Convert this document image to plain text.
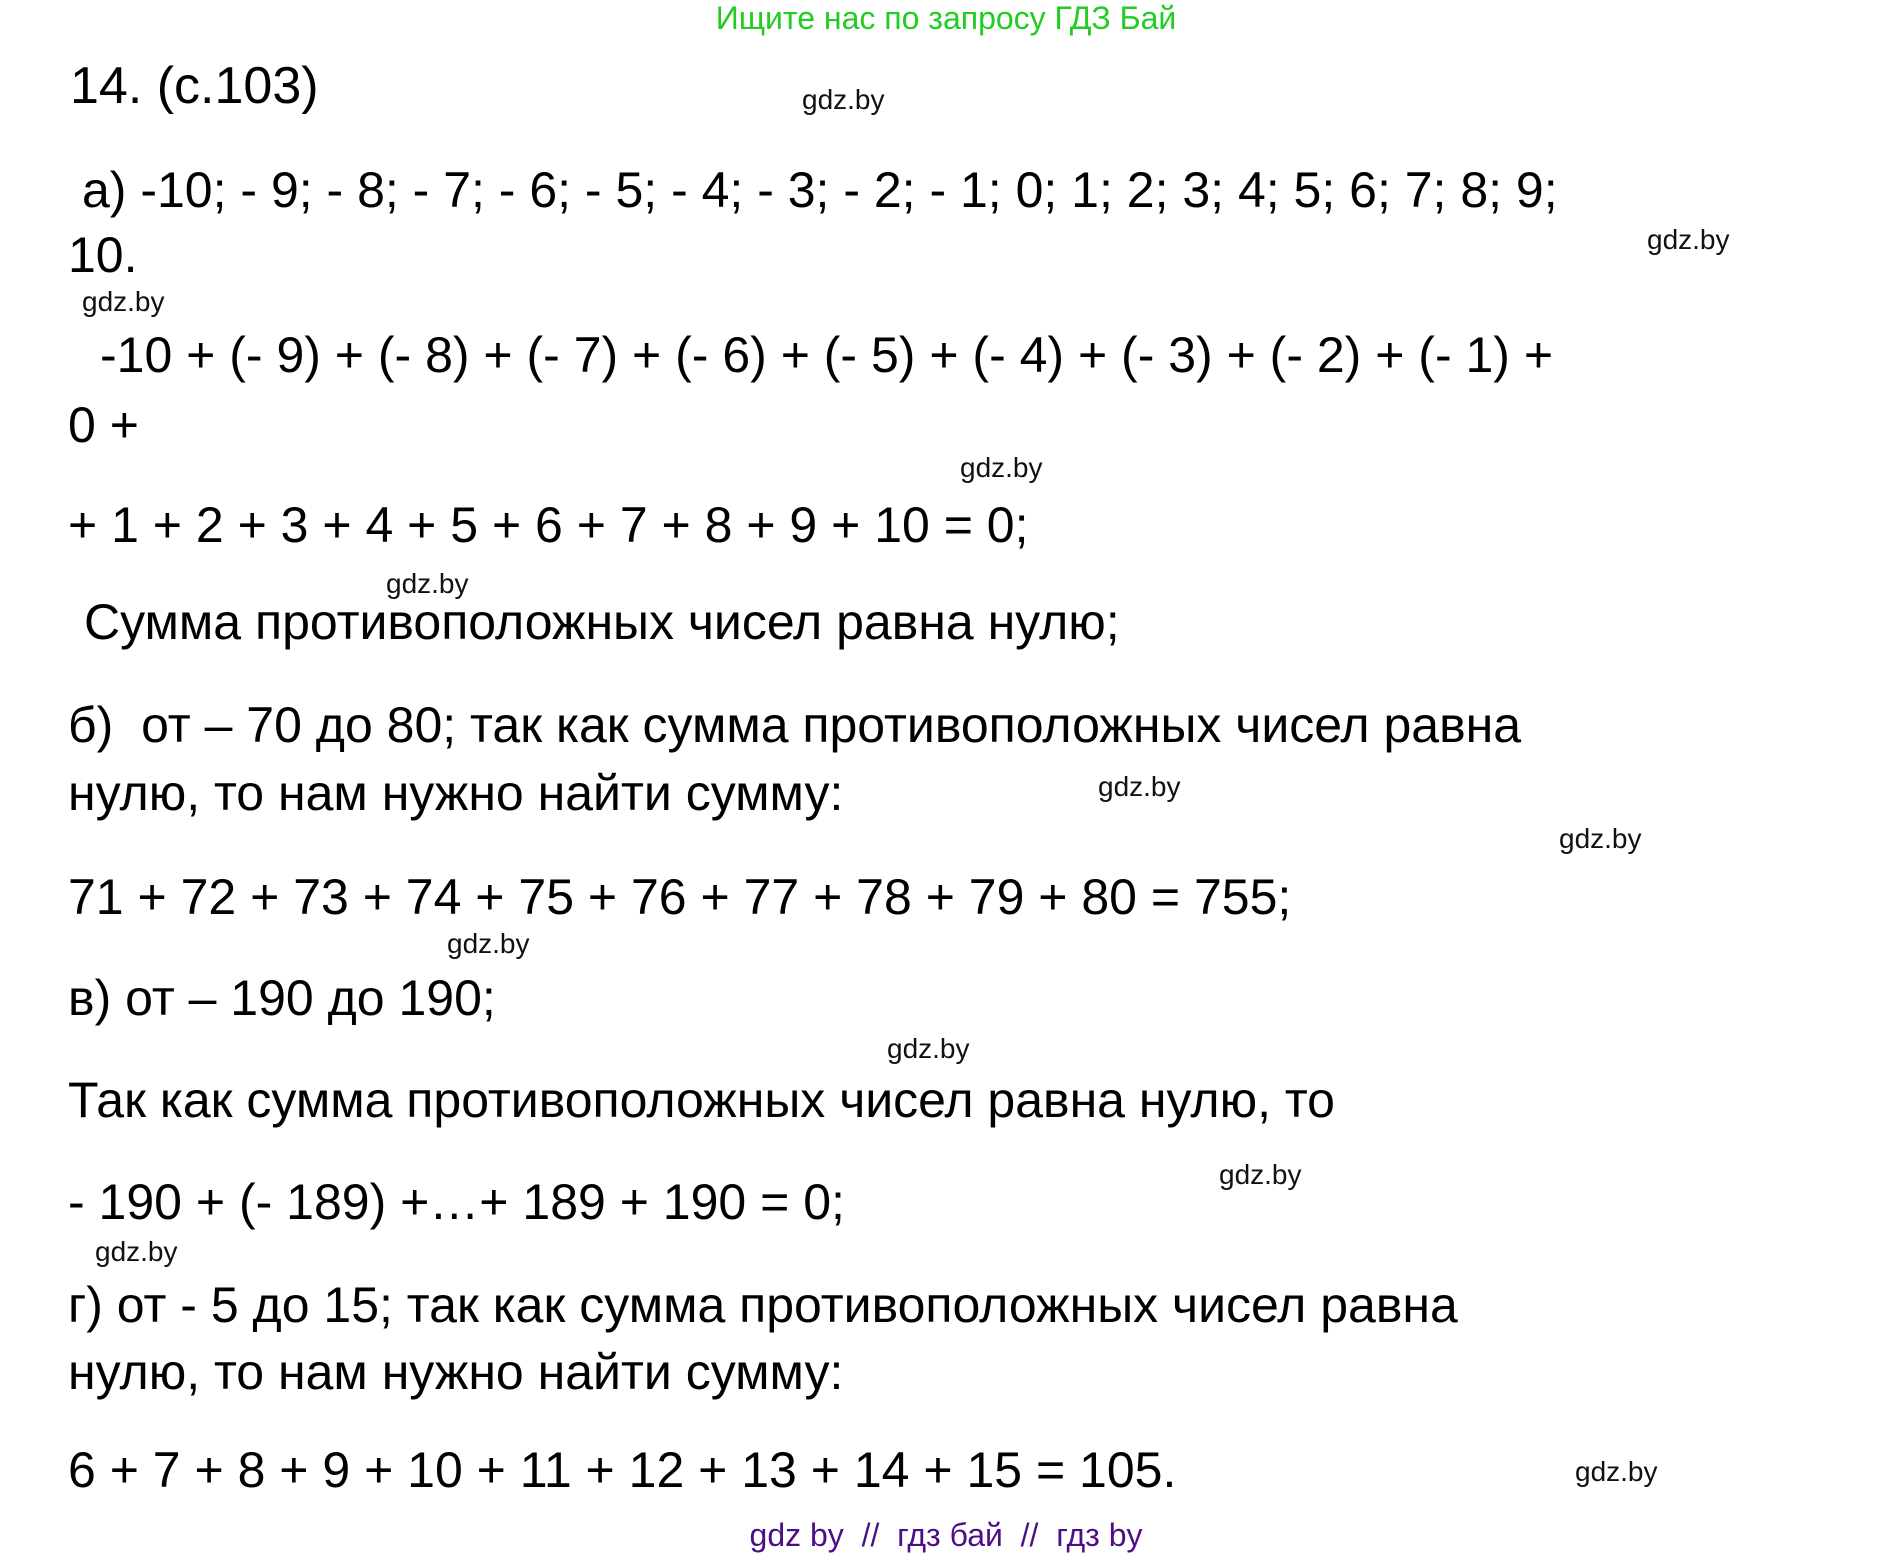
Ищите нас по запросу ГДЗ Бай
14. (с.103)	gdz.by
а) -10; - 9; - 8; - 7; - 6; - 5; - 4; - 3; - 2; - 1; 0; 1; 2; 3; 4; 5; 6; 7; 8; 9;
gdz.by
10.
gdz.by
-10 + (- 9) + (- 8) + (- 7) + (- 6) + (- 5) + (- 4) + (- 3) + (- 2) + (- 1) +
0 +
gdz.by
+ 1 + 2 + 3 + 4 + 5 + 6 + 7 + 8 + 9 + 10 = 0;
gdz.by
Сумма противоположных чисел равна нулю;
б)  от – 70 до 80; так как сумма противоположных чисел равна
нулю, то нам нужно найти сумму:	gdz.by
gdz.by
71 + 72 + 73 + 74 + 75 + 76 + 77 + 78 + 79 + 80 = 755;
gdz.by
в) от – 190 до 190;
gdz.by
Так как сумма противоположных чисел равна нулю, то
gdz.by
- 190 + (- 189) +…+ 189 + 190 = 0;
gdz.by
г) от - 5 до 15; так как сумма противоположных чисел равна
нулю, то нам нужно найти сумму:
6 + 7 + 8 + 9 + 10 + 11 + 12 + 13 + 14 + 15 = 105.	gdz.by
gdz by  //  гдз бай  //  гдз by
